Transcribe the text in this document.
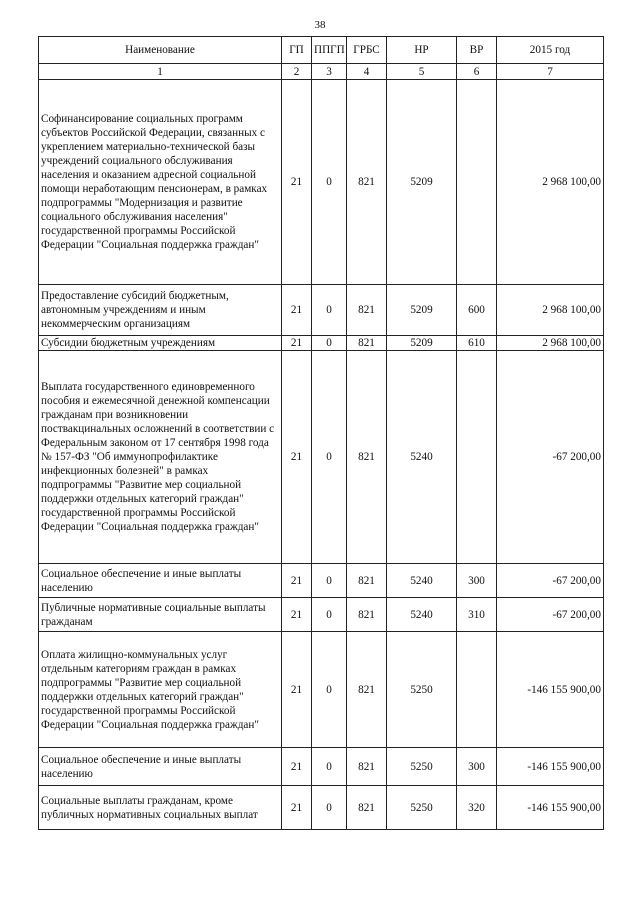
38
Наименование	ГП	ППГП	ГРБС	НР	ВР	2015 год
1	2	3	4	5	6	7
Софинансирование социальных программ субъектов Российской Федерации, связанных с укреплением материально-технической базы учреждений социального обслуживания населения и оказанием адресной социальной помощи неработающим пенсионерам, в рамках подпрограммы "Модернизация и развитие социального обслуживания населения" государственной программы Российской Федерации "Социальная поддержка граждан"	21	0	821	5209		2 968 100,00
Предоставление субсидий бюджетным, автономным учреждениям и иным некоммерческим организациям	21	0	821	5209	600	2 968 100,00
Субсидии бюджетным учреждениям	21	0	821	5209	610	2 968 100,00
Выплата государственного единовременного пособия и ежемесячной денежной компенсации гражданам при возникновении поствакцинальных осложнений в соответствии с Федеральным законом от 17 сентября 1998 года № 157-ФЗ "Об иммунопрофилактике инфекционных болезней" в рамках подпрограммы "Развитие мер социальной поддержки отдельных категорий граждан" государственной программы Российской Федерации "Социальная поддержка граждан"	21	0	821	5240		-67 200,00
Социальное обеспечение и иные выплаты населению	21	0	821	5240	300	-67 200,00
Публичные нормативные социальные выплаты гражданам	21	0	821	5240	310	-67 200,00
Оплата жилищно-коммунальных услуг отдельным категориям граждан в рамках подпрограммы "Развитие мер социальной поддержки отдельных категорий граждан" государственной программы Российской Федерации "Социальная поддержка граждан"	21	0	821	5250		-146 155 900,00
Социальное обеспечение и иные выплаты населению	21	0	821	5250	300	-146 155 900,00
Социальные выплаты гражданам, кроме публичных нормативных социальных выплат	21	0	821	5250	320	-146 155 900,00
